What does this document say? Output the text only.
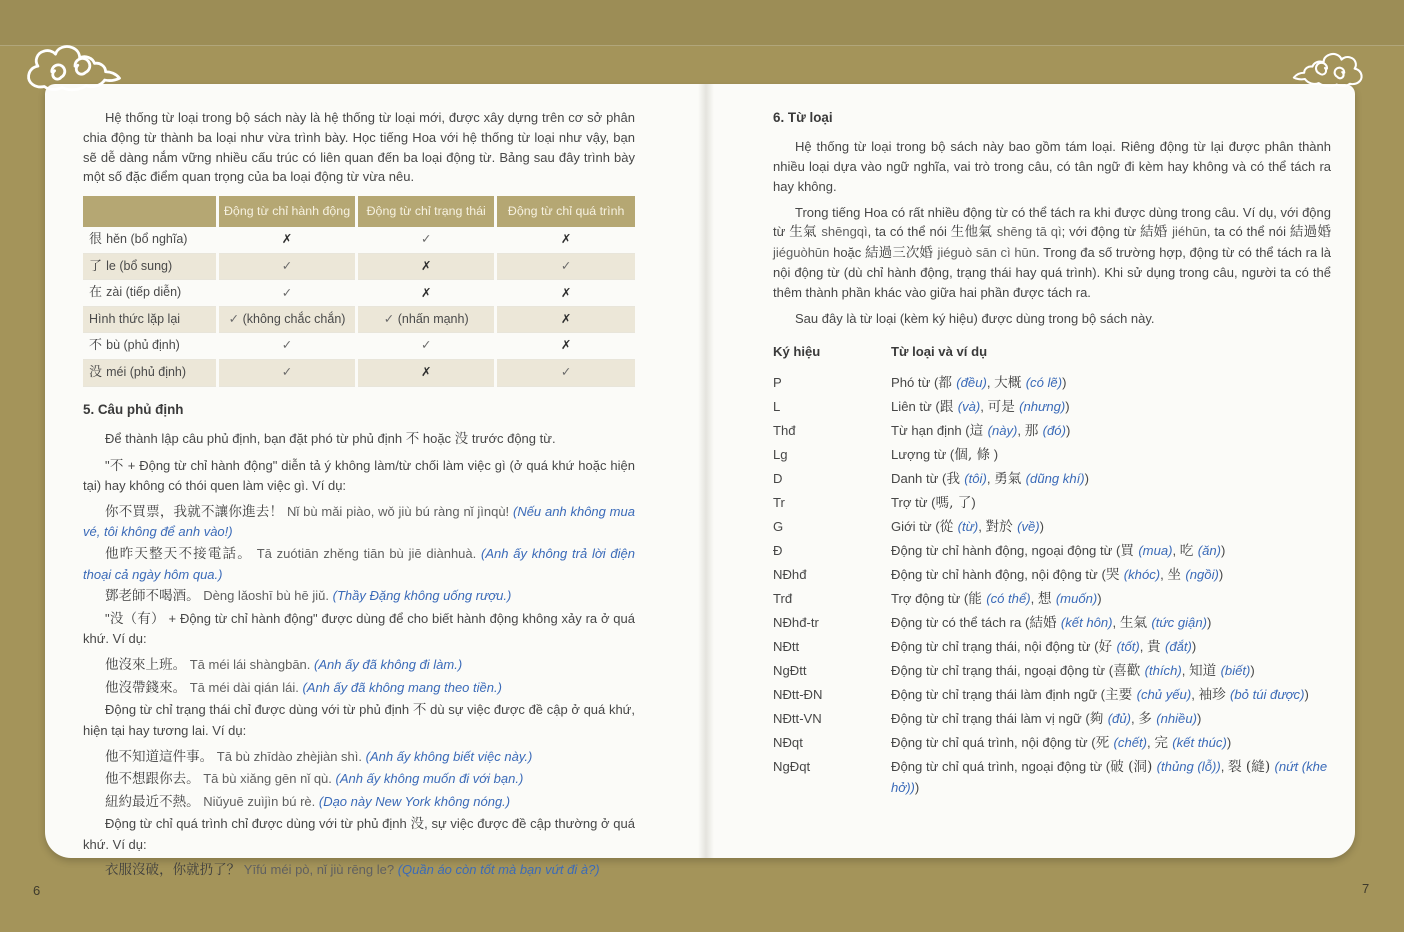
Hệ thống từ loại trong bộ sách này là hệ thống từ loại mới, được xây dựng trên cơ sở phân chia động từ thành ba loại như vừa trình bày. Học tiếng Hoa với hệ thống từ loại như vậy, bạn sẽ dễ dàng nắm vững nhiều cấu trúc có liên quan đến ba loại động từ. Bảng sau đây trình bày một số đặc điểm quan trọng của ba loại động từ vừa nêu.

	Động từ chỉ hành động	Động từ chỉ trạng thái	Động từ chỉ quá trình
很 hěn (bổ nghĩa)	✗	✓	✗
了 le (bổ sung)	✓	✗	✓
在 zài (tiếp diễn)	✓	✗	✗
Hình thức lặp lại	✓ (không chắc chắn)	✓ (nhấn mạnh)	✗
不 bù (phủ định)	✓	✓	✗
没 méi (phủ định)	✓	✗	✓
5. Câu phủ định

Để thành lập câu phủ định, bạn đặt phó từ phủ định 不 hoặc 没 trước động từ.

"不 + Động từ chỉ hành động" diễn tả ý không làm/từ chối làm việc gì (ở quá khứ hoặc hiện tại) hay không có thói quen làm việc gì. Ví dụ:

你不買票，我就不讓你進去！ Nǐ bù mǎi piào, wǒ jiù bú ràng nǐ jìnqù! (Nếu anh không mua vé, tôi không để anh vào!)

他昨天整天不接電話。 Tā zuótiān zhěng tiān bù jiē diànhuà. (Anh ấy không trả lời điện thoại cả ngày hôm qua.)

鄧老師不喝酒。 Dèng lǎoshī bù hē jiǔ. (Thầy Đặng không uống rượu.)

"没（有） + Động từ chỉ hành động" được dùng để cho biết hành động không xảy ra ở quá khứ. Ví dụ:

他沒來上班。 Tā méi lái shàngbān. (Anh ấy đã không đi làm.)

他沒帶錢來。 Tā méi dài qián lái. (Anh ấy đã không mang theo tiền.)

Động từ chỉ trạng thái chỉ được dùng với từ phủ định 不 dù sự việc được đề cập ở quá khứ, hiện tại hay tương lai. Ví dụ:

他不知道這件事。 Tā bù zhīdào zhèjiàn shì. (Anh ấy không biết việc này.)

他不想跟你去。 Tā bù xiǎng gēn nǐ qù. (Anh ấy không muốn đi với bạn.)

紐約最近不熱。 Niǔyuē zuìjìn bú rè. (Dạo này New York không nóng.)

Động từ chỉ quá trình chỉ được dùng với từ phủ định 没, sự việc được đề cập thường ở quá khứ. Ví dụ:

衣服沒破，你就扔了？ Yīfú méi pò, nǐ jiù rēng le? (Quần áo còn tốt mà bạn vứt đi à?)

6. Từ loại

Hệ thống từ loại trong bộ sách này bao gồm tám loại. Riêng động từ lại được phân thành nhiều loại dựa vào ngữ nghĩa, vai trò trong câu, có tân ngữ đi kèm hay không và có thể tách ra hay không.

Trong tiếng Hoa có rất nhiều động từ có thể tách ra khi được dùng trong câu. Ví dụ, với động từ 生氣 shēngqì, ta có thể nói 生他氣 shēng tā qì; với động từ 結婚 jiéhūn, ta có thể nói 結過婚 jiéguòhūn hoặc 結過三次婚 jiéguò sān cì hūn. Trong đa số trường hợp, động từ có thể tách ra là nội động từ (dù chỉ hành động, trạng thái hay quá trình). Khi sử dụng trong câu, người ta có thể thêm thành phần khác vào giữa hai phần được tách ra.

Sau đây là từ loại (kèm ký hiệu) được dùng trong bộ sách này.

Ký hiệu	Từ loại và ví dụ
P	Phó từ (都 (đều), 大概 (có lẽ))
L	Liên từ (跟 (và), 可是 (nhưng))
Thđ	Từ hạn định (這 (này), 那 (đó))
Lg	Lượng từ (個, 條 )
D	Danh từ (我 (tôi), 勇氣 (dũng khí))
Tr	Trợ từ (嗎, 了)
G	Giới từ (從 (từ), 對於 (về))
Đ	Động từ chỉ hành động, ngoại động từ (買 (mua), 吃 (ăn))
NĐhđ	Động từ chỉ hành động, nội động từ (哭 (khóc), 坐 (ngồi))
Trđ	Trợ động từ (能 (có thể), 想 (muốn))
NĐhđ-tr	Động từ có thể tách ra (結婚 (kết hôn), 生氣 (tức giận))
NĐtt	Động từ chỉ trạng thái, nội động từ (好 (tốt), 貴 (đắt))
NgĐtt	Động từ chỉ trạng thái, ngoại động từ (喜歡 (thích), 知道 (biết))
NĐtt-ĐN	Động từ chỉ trạng thái làm định ngữ (主要 (chủ yếu), 袖珍 (bỏ túi được))
NĐtt-VN	Động từ chỉ trạng thái làm vị ngữ (夠 (đủ), 多 (nhiều))
NĐqt	Động từ chỉ quá trình, nội động từ (死 (chết), 完 (kết thúc))
NgĐqt	Động từ chỉ quá trình, ngoại động từ (破 (洞) (thủng (lỗ)), 裂 (縫) (nứt (khe hở)))
6	7
